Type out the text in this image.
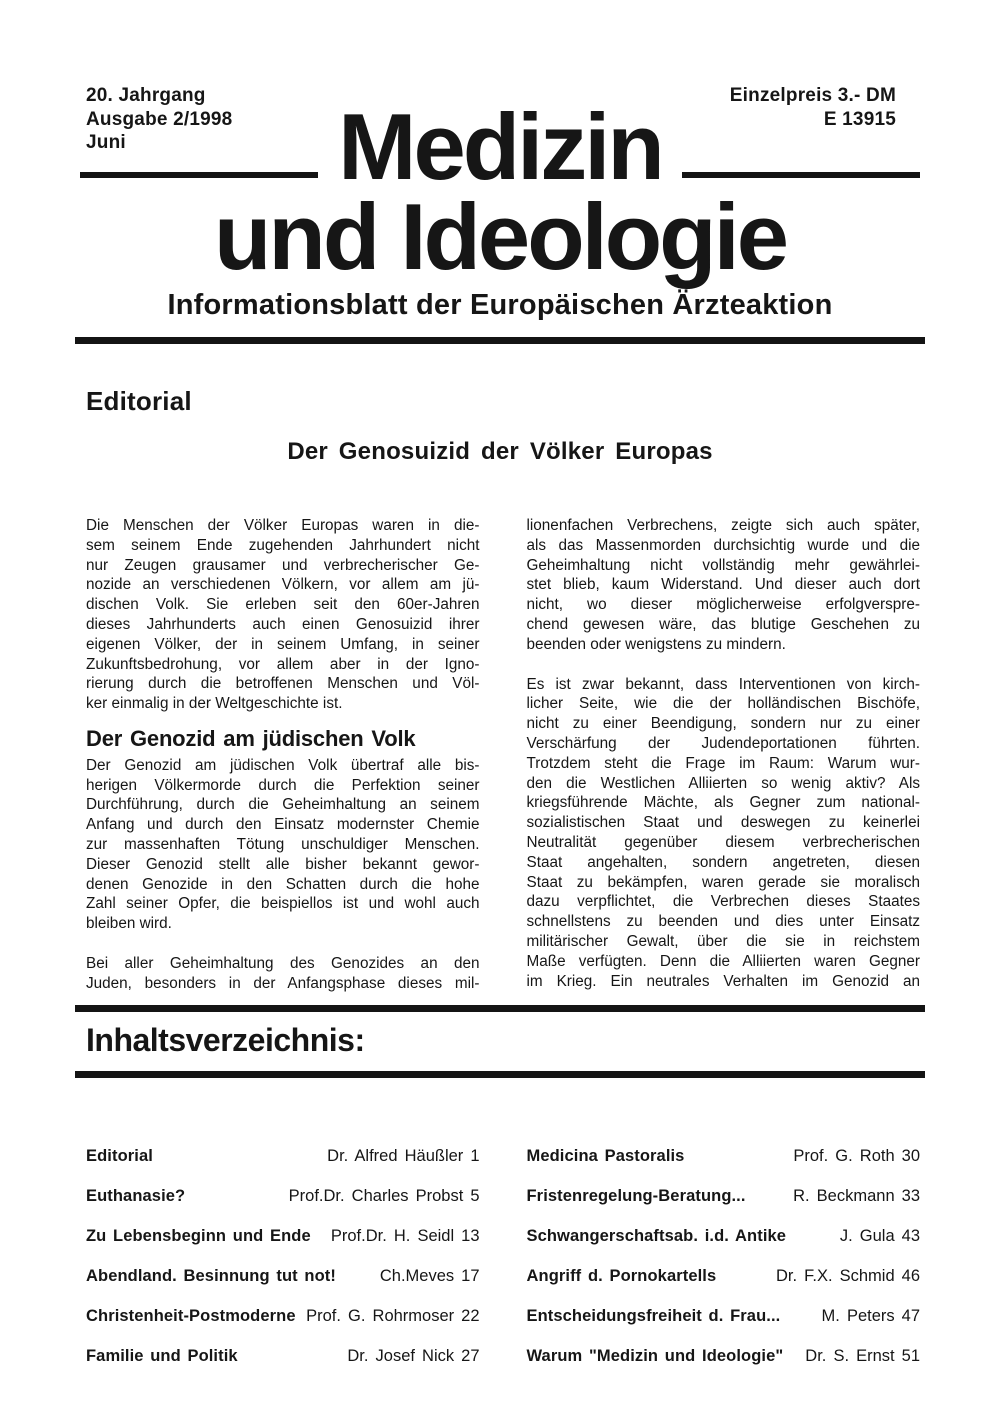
20. Jahrgang
Ausgabe 2/1998
Juni
Einzelpreis 3.- DM
E 13915
Medizin
und Ideologie
Informationsblatt der Europäischen Ärzteaktion
Editorial
Der Genosuizid der Völker Europas
Die Menschen der Völker Europas waren in die-
sem seinem Ende zugehenden Jahrhundert nicht
nur Zeugen grausamer und verbrecherischer Ge-
nozide an verschiedenen Völkern, vor allem am jü-
dischen Volk. Sie erleben seit den 60er-Jahren
dieses Jahrhunderts auch einen Genosuizid ihrer
eigenen Völker, der in seinem Umfang, in seiner
Zukunftsbedrohung, vor allem aber in der Igno-
rierung durch die betroffenen Menschen und Völ-
ker einmalig in der Weltgeschichte ist.
Der Genozid am jüdischen Volk
Der Genozid am jüdischen Volk übertraf alle bis-
herigen Völkermorde durch die Perfektion seiner
Durchführung, durch die Geheimhaltung an seinem
Anfang und durch den Einsatz modernster Chemie
zur massenhaften Tötung unschuldiger Menschen.
Dieser Genozid stellt alle bisher bekannt gewor-
denen Genozide in den Schatten durch die hohe
Zahl seiner Opfer, die beispiellos ist und wohl auch
bleiben wird.
Bei aller Geheimhaltung des Genozides an den
Juden, besonders in der Anfangsphase dieses mil-
lionenfachen Verbrechens, zeigte sich auch später,
als das Massenmorden durchsichtig wurde und die
Geheimhaltung nicht vollständig mehr gewährlei-
stet blieb, kaum Widerstand. Und dieser auch dort
nicht, wo dieser möglicherweise erfolgverspre-
chend gewesen wäre, das blutige Geschehen zu
beenden oder wenigstens zu mindern.
Es ist zwar bekannt, dass Interventionen von kirch-
licher Seite, wie die der holländischen Bischöfe,
nicht zu einer Beendigung, sondern nur zu einer
Verschärfung der Judendeportationen führten.
Trotzdem steht die Frage im Raum: Warum wur-
den die Westlichen Alliierten so wenig aktiv? Als
kriegsführende Mächte, als Gegner zum national-
sozialistischen Staat und deswegen zu keinerlei
Neutralität gegenüber diesem verbrecherischen
Staat angehalten, sondern angetreten, diesen
Staat zu bekämpfen, waren gerade sie moralisch
dazu verpflichtet, die Verbrechen dieses Staates
schnellstens zu beenden und dies unter Einsatz
militärischer Gewalt, über die sie in reichstem
Maße verfügten. Denn die Alliierten waren Gegner
im Krieg. Ein neutrales Verhalten im Genozid an
Inhaltsverzeichnis:
Editorial	Dr. Alfred Häußler 1
Euthanasie?	Prof.Dr. Charles Probst 5
Zu Lebensbeginn und Ende Prof.Dr. H. Seidl 13
Abendland. Besinnung tut not!	Ch.Meves 17
Christenheit-Postmoderne Prof. G. Rohrmoser 22
Familie und Politik	Dr. Josef Nick 27
Medicina Pastoralis	Prof. G. Roth 30
Fristenregelung-Beratung...	R. Beckmann 33
Schwangerschaftsab. i.d. Antike	J. Gula 43
Angriff d. Pornokartells	Dr. F.X. Schmid 46
Entscheidungsfreiheit d. Frau... M. Peters 47
Warum "Medizin und Ideologie" Dr. S. Ernst 51
